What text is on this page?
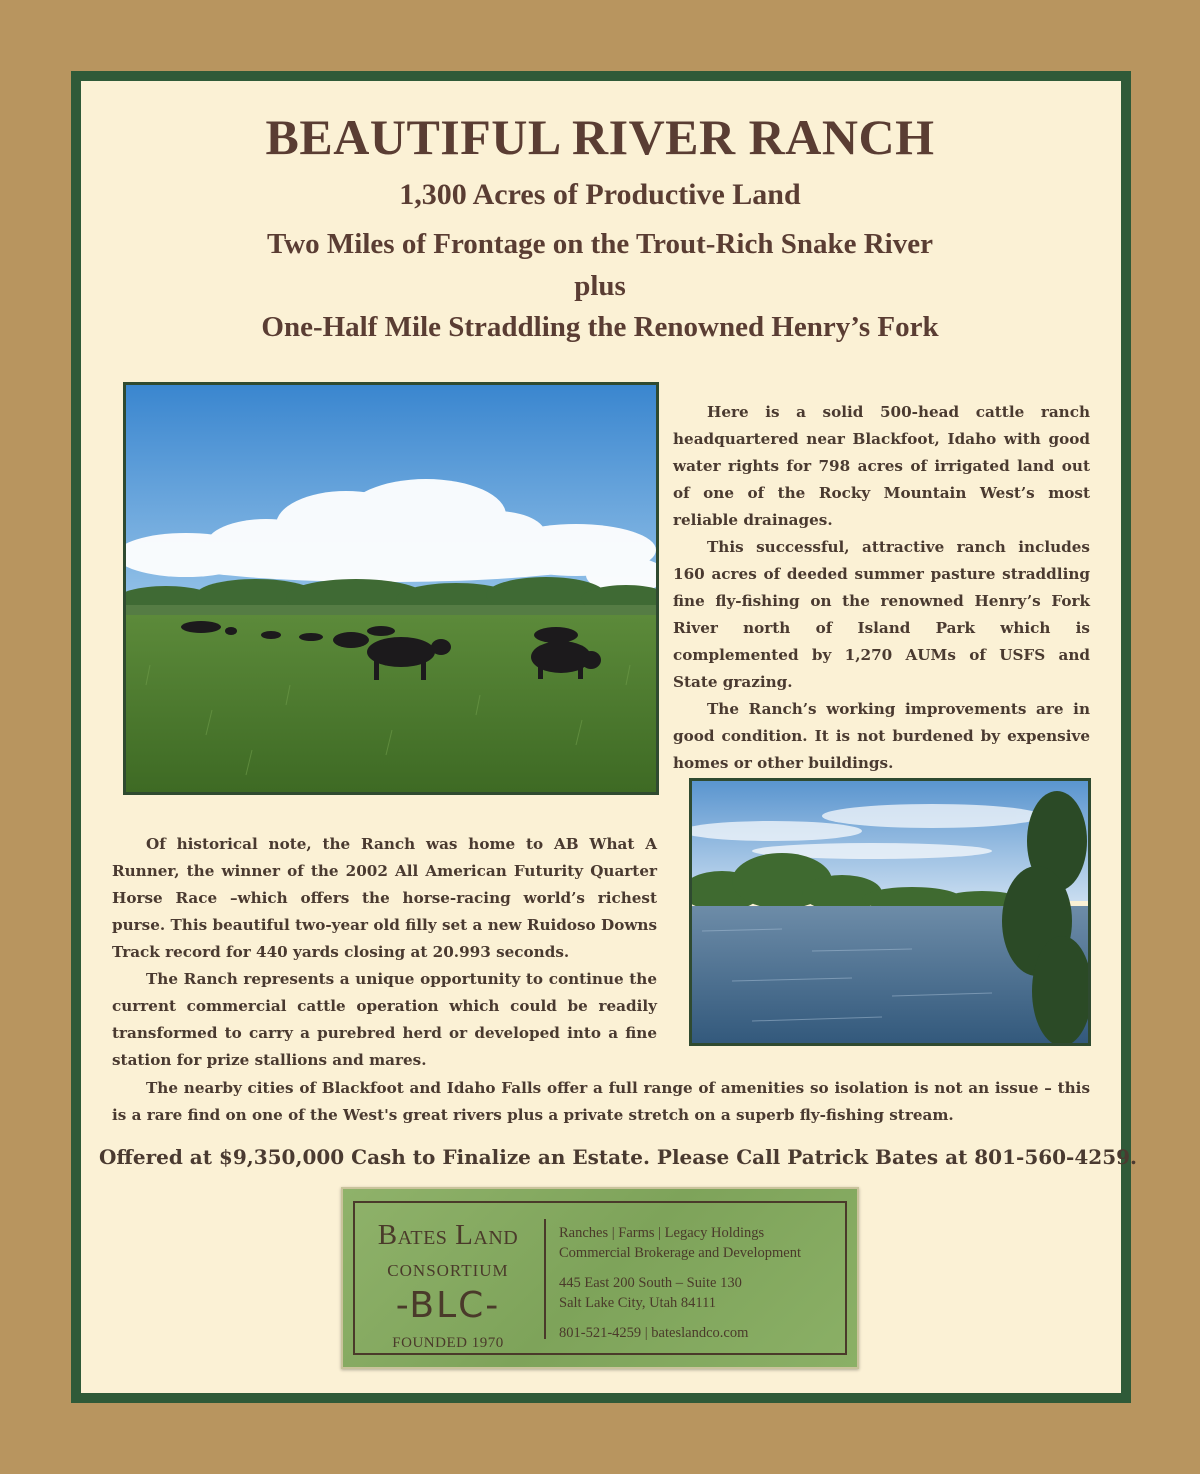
BEAUTIFUL RIVER RANCH
1,300 Acres of Productive Land
Two Miles of Frontage on the Trout-Rich Snake River
plus
One-Half Mile Straddling the Renowned Henry’s Fork

Here is a solid 500-head cattle ranch headquartered near Blackfoot, Idaho with good water rights for 798 acres of irrigated land out of one of the Rocky Mountain West’s most reliable drainages.

This successful, attractive ranch includes 160 acres of deeded summer pasture straddling fine fly-fishing on the renowned Henry’s Fork River north of Island Park which is complemented by 1,270 AUMs of USFS and State grazing.

The Ranch’s working improvements are in good condition. It is not burdened by expensive homes or other buildings.

Of historical note, the Ranch was home to AB What A Runner, the winner of the 2002 All American Futurity Quarter Horse Race –which offers the horse-racing world’s richest purse. This beautiful two-year old filly set a new Ruidoso Downs Track record for 440 yards closing at 20.993 seconds.

The Ranch represents a unique opportunity to continue the current commercial cattle operation which could be readily transformed to carry a purebred herd or developed into a fine station for prize stallions and mares.

The nearby cities of Blackfoot and Idaho Falls offer a full range of amenities so isolation is not an issue – this is a rare find on one of the West's great rivers plus a private stretch on a superb fly-fishing stream.

Offered at $9,350,000 Cash to Finalize an Estate. Please Call Patrick Bates at 801-560-4259.
Bates Land
CONSORTIUM
-BLC-
FOUNDED 1970
Ranches | Farms | Legacy Holdings
Commercial Brokerage and Development
445 East 200 South – Suite 130
Salt Lake City, Utah 84111
801-521-4259 | bateslandco.com
